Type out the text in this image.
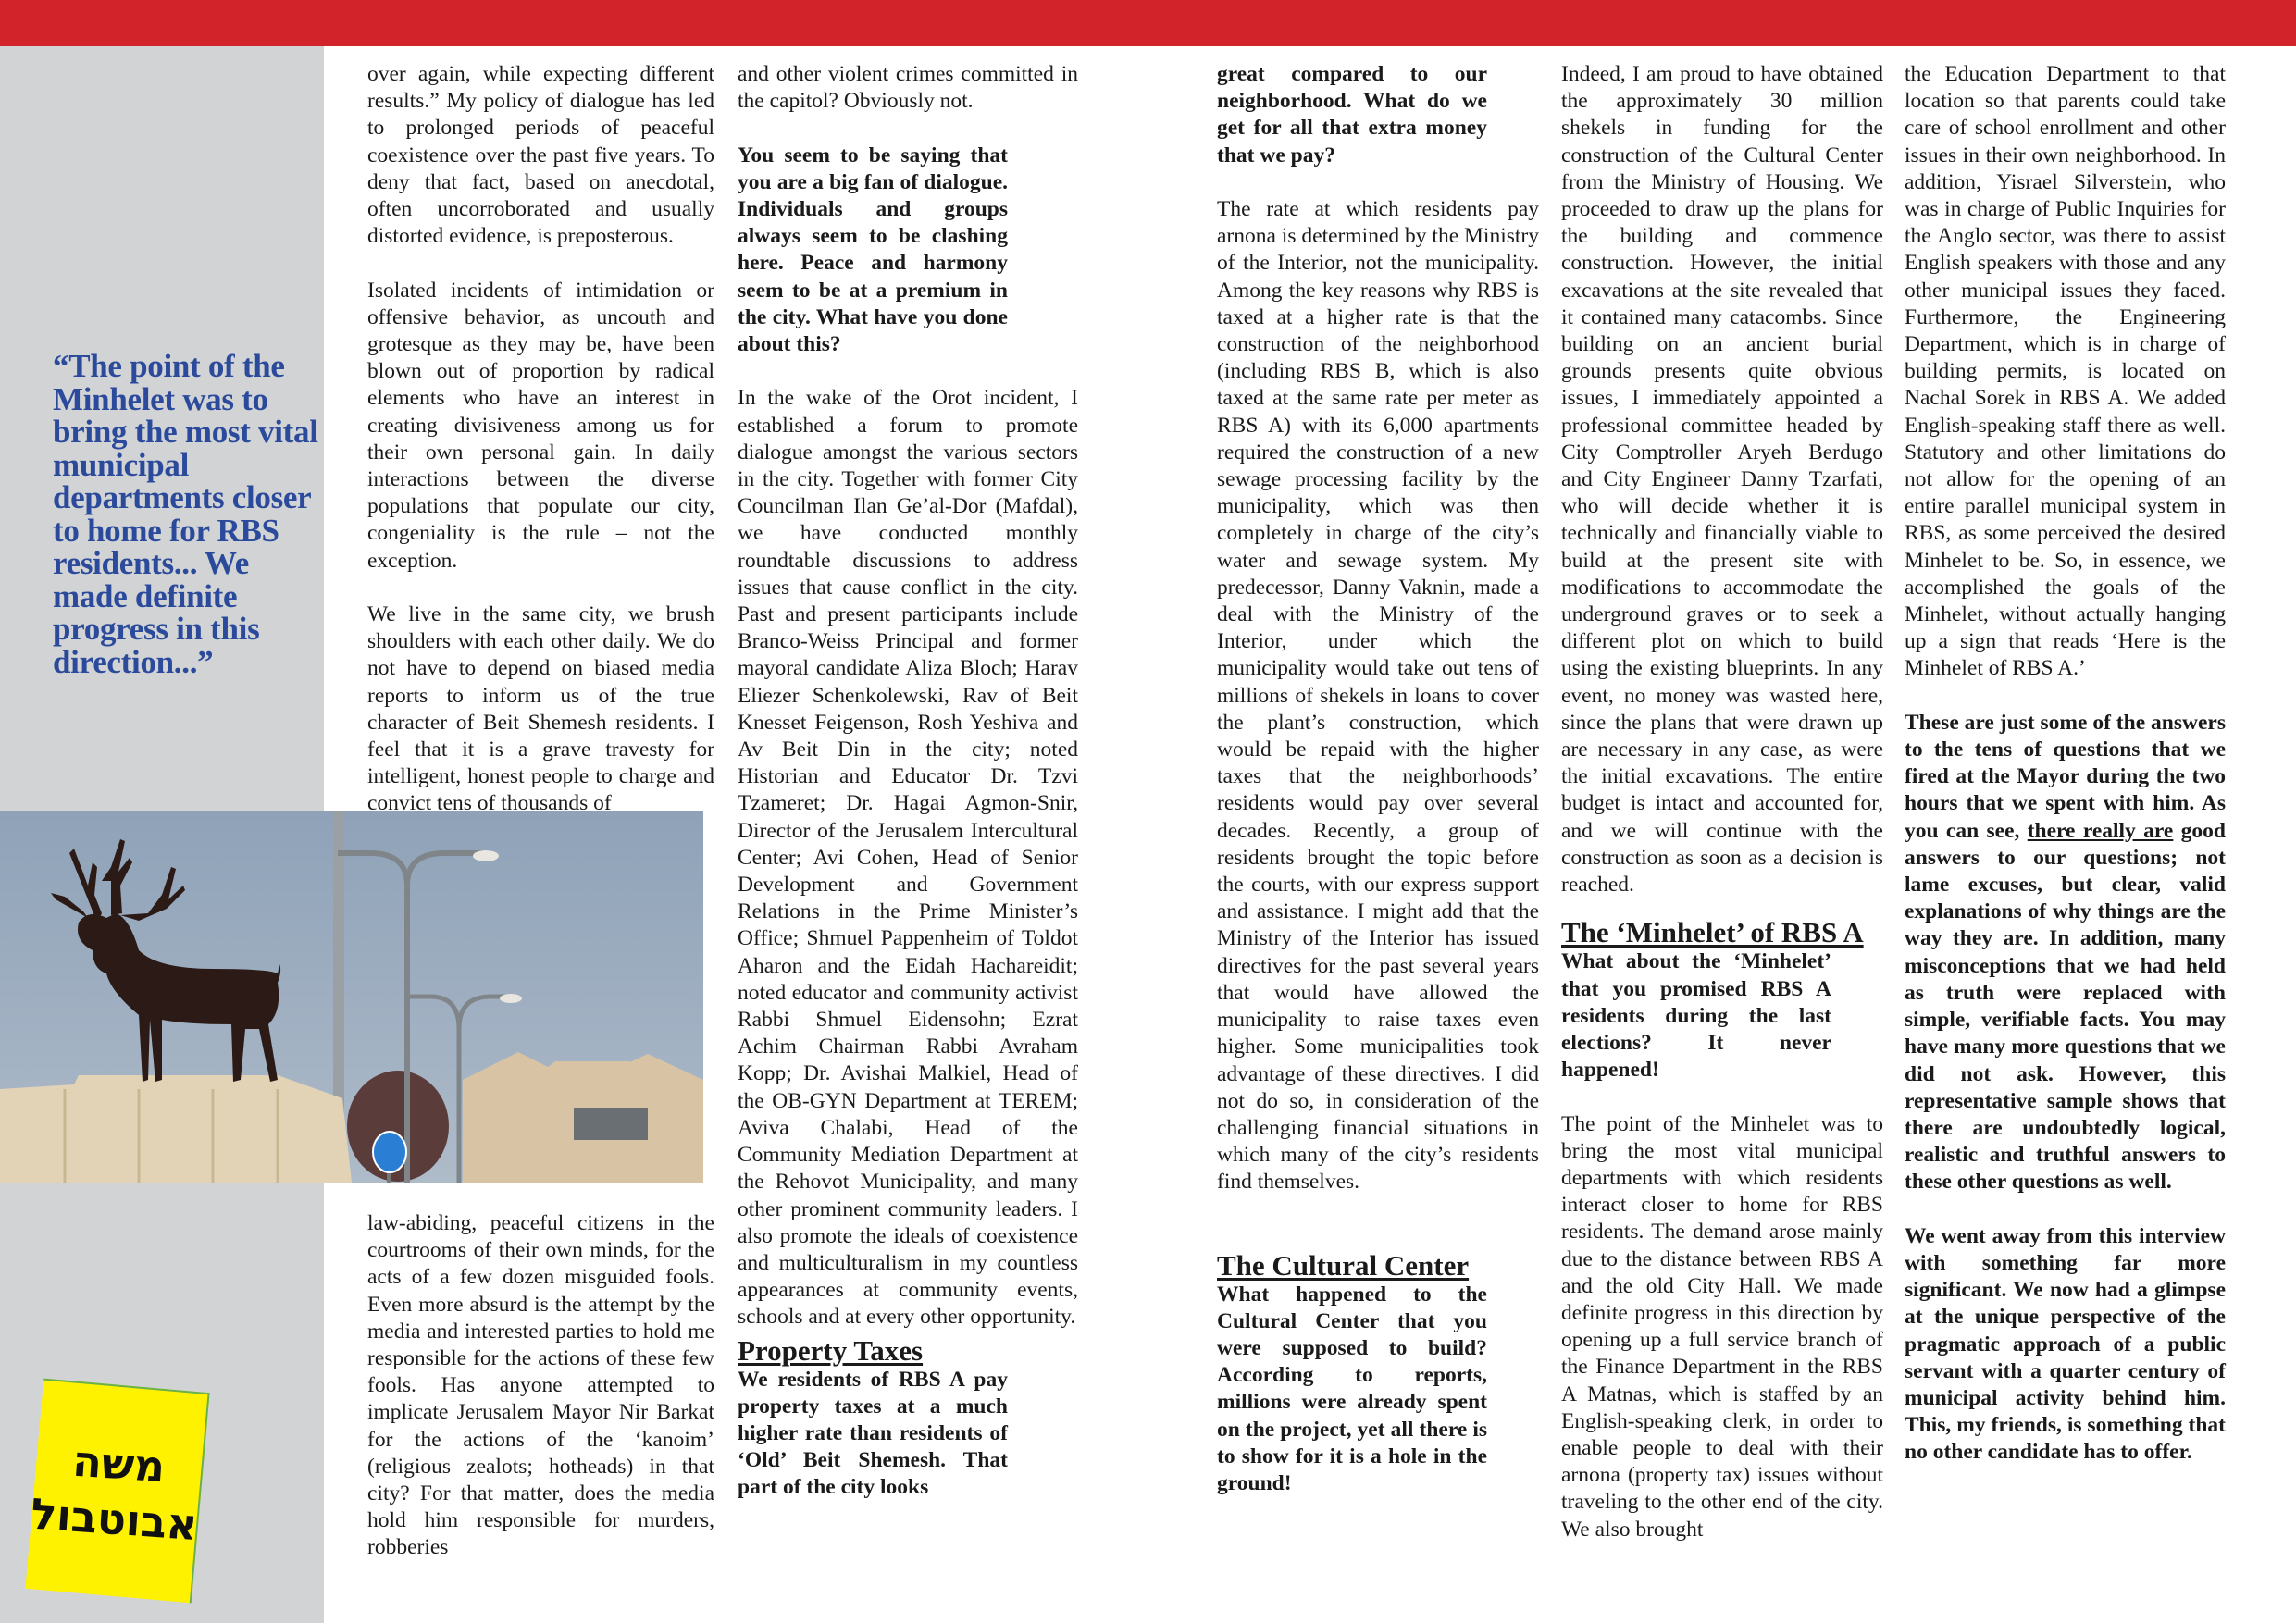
“The point of the Minhelet was to bring the most vital municipal departments closer to home for RBS residents... We made definite progress in this direction...”
משה
אבוטבול

over again, while expecting different results.” My policy of dialogue has led to prolonged periods of peaceful coexistence over the past five years. To deny that fact, based on anecdotal, often uncorroborated and usually distorted evidence, is preposterous.

Isolated incidents of intimidation or offensive behavior, as uncouth and grotesque as they may be, have been blown out of proportion by radical elements who have an interest in creating divisiveness among us for their own personal gain. In daily interactions between the diverse populations that populate our city, congeniality is the rule – not the exception.

We live in the same city, we brush shoulders with each other daily. We do not have to depend on biased media reports to inform us of the true character of Beit Shemesh residents. I feel that it is a grave travesty for intelligent, honest people to charge and convict tens of thousands of

law-abiding, peaceful citizens in the courtrooms of their own minds, for the acts of a few dozen misguided fools. Even more absurd is the attempt by the media and interested parties to hold me responsible for the actions of these few fools. Has anyone attempted to implicate Jerusalem Mayor Nir Barkat for the actions of the ‘kanoim’ (religious zealots; hotheads) in that city? For that matter, does the media hold him responsible for murders, robberies

and other violent crimes committed in the capitol? Obviously not.

You seem to be saying that you are a big fan of dialogue. Individuals and groups always seem to be clashing here. Peace and harmony seem to be at a premium in the city. What have you done about this?

In the wake of the Orot incident, I established a forum to promote dialogue amongst the various sectors in the city. Together with former City Councilman Ilan Ge’al-Dor (Mafdal), we have conducted monthly roundtable discussions to address issues that cause conflict in the city. Past and present participants include Branco-Weiss Principal and former mayoral candidate Aliza Bloch; Harav Eliezer Schenkolewski, Rav of Beit Knesset Feigenson, Rosh Yeshiva and Av Beit Din in the city; noted Historian and Educator Dr. Tzvi Tzameret; Dr. Hagai Agmon-Snir, Director of the Jerusalem Intercultural Center; Avi Cohen, Head of Senior Development and Government Relations in the Prime Minister’s Office; Shmuel Pappenheim of Toldot Aharon and the Eidah Hachareidit; noted educator and community activist Rabbi Shmuel Eidensohn; Ezrat Achim Chairman Rabbi Avraham Kopp; Dr. Avishai Malkiel, Head of the OB-GYN Department at TEREM; Aviva Chalabi, Head of the Community Mediation Department at the Rehovot Municipality, and many other prominent community leaders. I also promote the ideals of coexistence and multiculturalism in my countless appearances at community events, schools and at every other opportunity.

Property Taxes

We residents of RBS A pay property taxes at a much higher rate than residents of ‘Old’ Beit Shemesh. That part of the city looks

great compared to our neighborhood. What do we get for all that extra money that we pay?

The rate at which residents pay arnona is determined by the Ministry of the Interior, not the municipality. Among the key reasons why RBS is taxed at a higher rate is that the construction of the neighborhood (including RBS B, which is also taxed at the same rate per meter as RBS A) with its 6,000 apartments required the construction of a new sewage processing facility by the municipality, which was then completely in charge of the city’s water and sewage system. My predecessor, Danny Vaknin, made a deal with the Ministry of the Interior, under which the municipality would take out tens of millions of shekels in loans to cover the plant’s construction, which would be repaid with the higher taxes that the neighborhoods’ residents would pay over several decades. Recently, a group of residents brought the topic before the courts, with our express support and assistance. I might add that the Ministry of the Interior has issued directives for the past several years that would have allowed the municipality to raise taxes even higher. Some municipalities took advantage of these directives. I did not do so, in consideration of the challenging financial situations in which many of the city’s residents find themselves.

The Cultural Center

What happened to the Cultural Center that you were supposed to build? According to reports, millions were already spent on the project, yet all there is to show for it is a hole in the ground!

Indeed, I am proud to have obtained the approximately 30 million shekels in funding for the construction of the Cultural Center from the Ministry of Housing. We proceeded to draw up the plans for the building and commence construction. However, the initial excavations at the site revealed that it contained many catacombs. Since building on an ancient burial grounds presents quite obvious issues, I immediately appointed a professional committee headed by City Comptroller Aryeh Berdugo and City Engineer Danny Tzarfati, who will decide whether it is technically and financially viable to build at the present site with modifications to accommodate the underground graves or to seek a different plot on which to build using the existing blueprints. In any event, no money was wasted here, since the plans that were drawn up are necessary in any case, as were the initial excavations. The entire budget is intact and accounted for, and we will continue with the construction as soon as a decision is reached.

The ‘Minhelet’ of RBS A

What about the ‘Minhelet’ that you promised RBS A residents during the last elections? It never happened!

The point of the Minhelet was to bring the most vital municipal departments with which residents interact closer to home for RBS residents. The demand arose mainly due to the distance between RBS A and the old City Hall. We made definite progress in this direction by opening up a full service branch of the Finance Department in the RBS A Matnas, which is staffed by an English-speaking clerk, in order to enable people to deal with their arnona (property tax) issues without traveling to the other end of the city. We also brought

the Education Department to that location so that parents could take care of school enrollment and other issues in their own neighborhood. In addition, Yisrael Silverstein, who was in charge of Public Inquiries for the Anglo sector, was there to assist English speakers with those and any other municipal issues they faced. Furthermore, the Engineering Department, which is in charge of building permits, is located on Nachal Sorek in RBS A. We added English-speaking staff there as well. Statutory and other limitations do not allow for the opening of an entire parallel municipal system in RBS, as some perceived the desired Minhelet to be. So, in essence, we accomplished the goals of the Minhelet, without actually hanging up a sign that reads ‘Here is the Minhelet of RBS A.’

These are just some of the answers to the tens of questions that we fired at the Mayor during the two hours that we spent with him. As you can see, there really are good answers to our questions; not lame excuses, but clear, valid explanations of why things are the way they are. In addition, many misconceptions that we had held as truth were replaced with simple, verifiable facts. You may have many more questions that we did not ask. However, this representative sample shows that there are undoubtedly logical, realistic and truthful answers to these other questions as well.

We went away from this interview with something far more significant. We now had a glimpse at the unique perspective of the pragmatic approach of a public servant with a quarter century of municipal activity behind him. This, my friends, is something that no other candidate has to offer.
